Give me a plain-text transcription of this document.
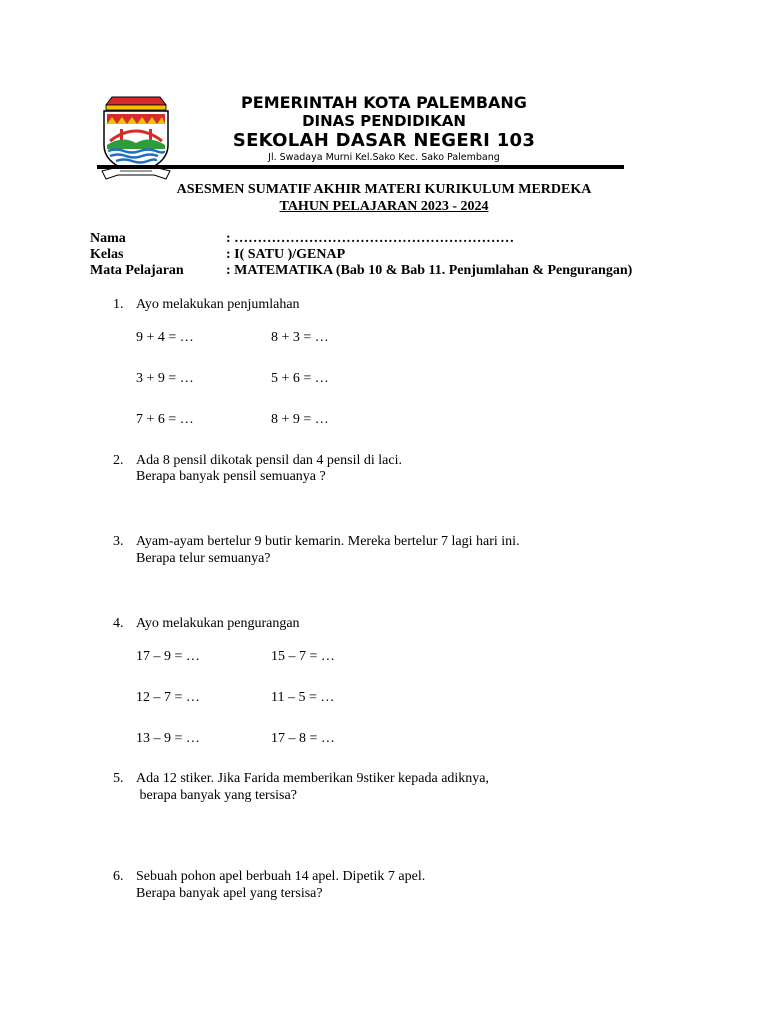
PEMERINTAH KOTA PALEMBANG
DINAS PENDIDIKAN
SEKOLAH DASAR NEGERI 103
Jl. Swadaya Murni Kel.Sako Kec. Sako Palembang
ASESMEN SUMATIF AKHIR MATERI KURIKULUM MERDEKA
TAHUN PELAJARAN 2023 - 2024
Nama	: ……………………………………………………
Kelas	: I( SATU )/GENAP
Mata Pelajaran	: MATEMATIKA (Bab 10 & Bab 11. Penjumlahan & Pengurangan)
1. Ayo melakukan penjumlahan
9 + 4 = …	8 + 3 = …
3 + 9 = …	5 + 6 = …
7 + 6 = …	8 + 9 = …
2. Ada 8 pensil dikotak pensil dan 4 pensil di laci.
Berapa banyak pensil semuanya ?
3. Ayam-ayam bertelur 9 butir kemarin. Mereka bertelur 7 lagi hari ini.
Berapa telur semuanya?
4. Ayo melakukan pengurangan
17 – 9 = …	15 – 7 = …
12 – 7 = …	11 – 5 = …
13 – 9 = …	17 – 8 = …
5. Ada 12 stiker. Jika Farida memberikan 9stiker kepada adiknya,
berapa banyak yang tersisa?
6. Sebuah pohon apel berbuah 14 apel. Dipetik 7 apel.
Berapa banyak apel yang tersisa?
